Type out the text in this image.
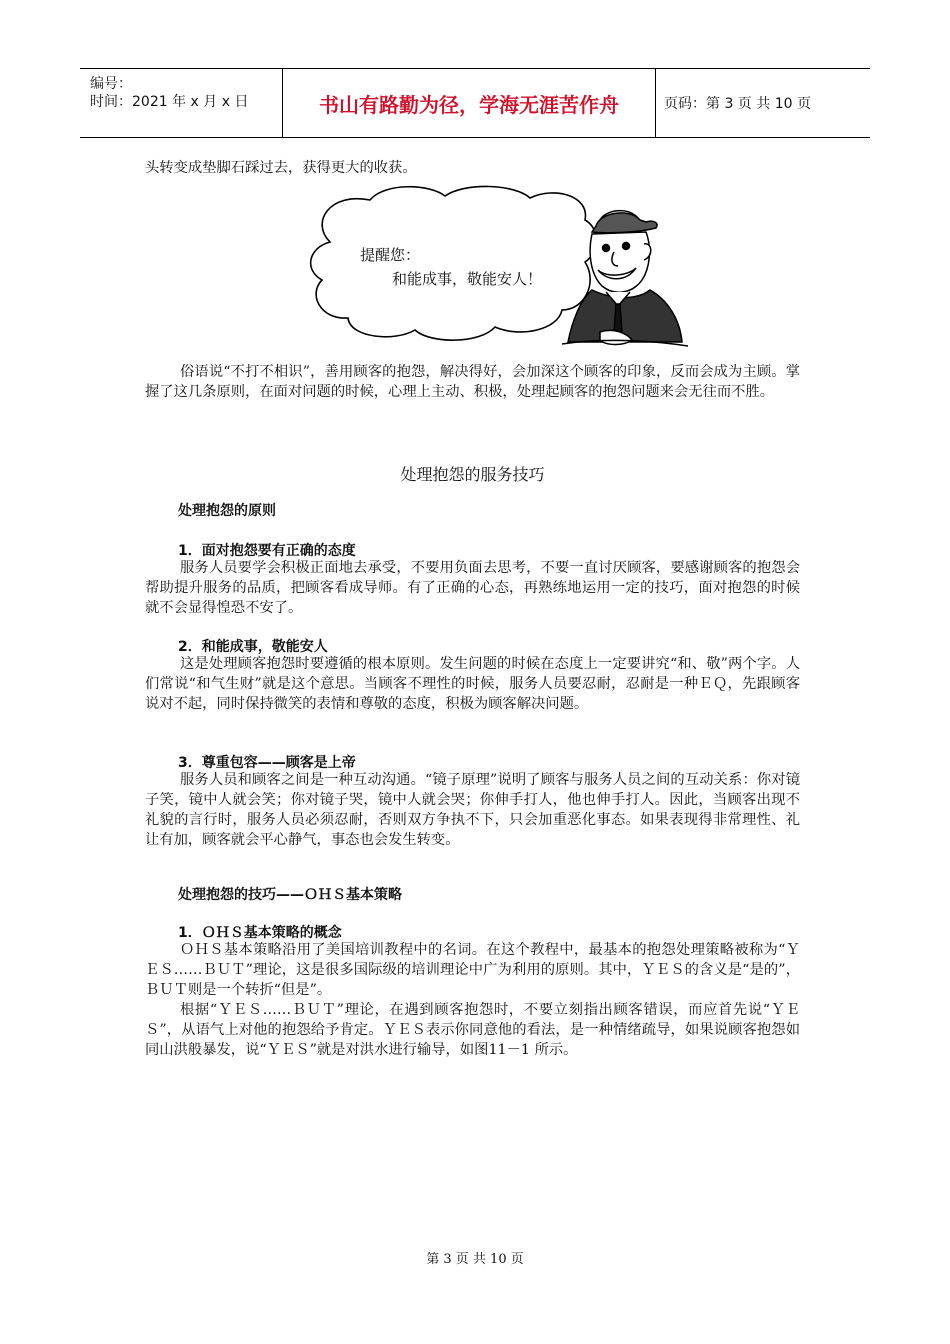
编号：
时间：2021 年 x 月 x 日	书山有路勤为径，学海无涯苦作舟	页码：第 3 页 共 10 页
头转变成垫脚石踩过去，获得更大的收获。
提醒您：
和能成事，敬能安人！
俗语说“不打不相识”，善用顾客的抱怨，解决得好，会加深这个顾客的印象，反而会成为主顾。掌握了这几条原则，在面对问题的时候，心理上主动、积极，处理起顾客的抱怨问题来会无往而不胜。
处理抱怨的服务技巧
处理抱怨的原则
1．面对抱怨要有正确的态度
服务人员要学会积极正面地去承受，不要用负面去思考，不要一直讨厌顾客，要感谢顾客的抱怨会帮助提升服务的品质，把顾客看成导师。有了正确的心态，再熟练地运用一定的技巧，面对抱怨的时候就不会显得惶恐不安了。
2．和能成事，敬能安人
这是处理顾客抱怨时要遵循的根本原则。发生问题的时候在态度上一定要讲究“和、敬”两个字。人们常说“和气生财”就是这个意思。当顾客不理性的时候，服务人员要忍耐，忍耐是一种ＥＱ，先跟顾客说对不起，同时保持微笑的表情和尊敬的态度，积极为顾客解决问题。
3．尊重包容——顾客是上帝
服务人员和顾客之间是一种互动沟通。“镜子原理”说明了顾客与服务人员之间的互动关系：你对镜子笑，镜中人就会笑；你对镜子哭，镜中人就会哭；你伸手打人，他也伸手打人。因此，当顾客出现不礼貌的言行时，服务人员必须忍耐，否则双方争执不下，只会加重恶化事态。如果表现得非常理性、礼让有加，顾客就会平心静气，事态也会发生转变。
处理抱怨的技巧——ＯＨＳ基本策略
1．ＯＨＳ基本策略的概念
ＯＨＳ基本策略沿用了美国培训教程中的名词。在这个教程中，最基本的抱怨处理策略被称为“ＹＥＳ……ＢＵＴ”理论，这是很多国际级的培训理论中广为利用的原则。其中，ＹＥＳ的含义是“是的”，ＢＵＴ则是一个转折“但是”。
根据“ＹＥＳ……ＢＵＴ”理论，在遇到顾客抱怨时，不要立刻指出顾客错误，而应首先说“ＹＥＳ”，从语气上对他的抱怨给予肯定。ＹＥＳ表示你同意他的看法，是一种情绪疏导，如果说顾客抱怨如同山洪般暴发，说“ＹＥＳ”就是对洪水进行输导，如图11－1 所示。
第 3 页 共 10 页
